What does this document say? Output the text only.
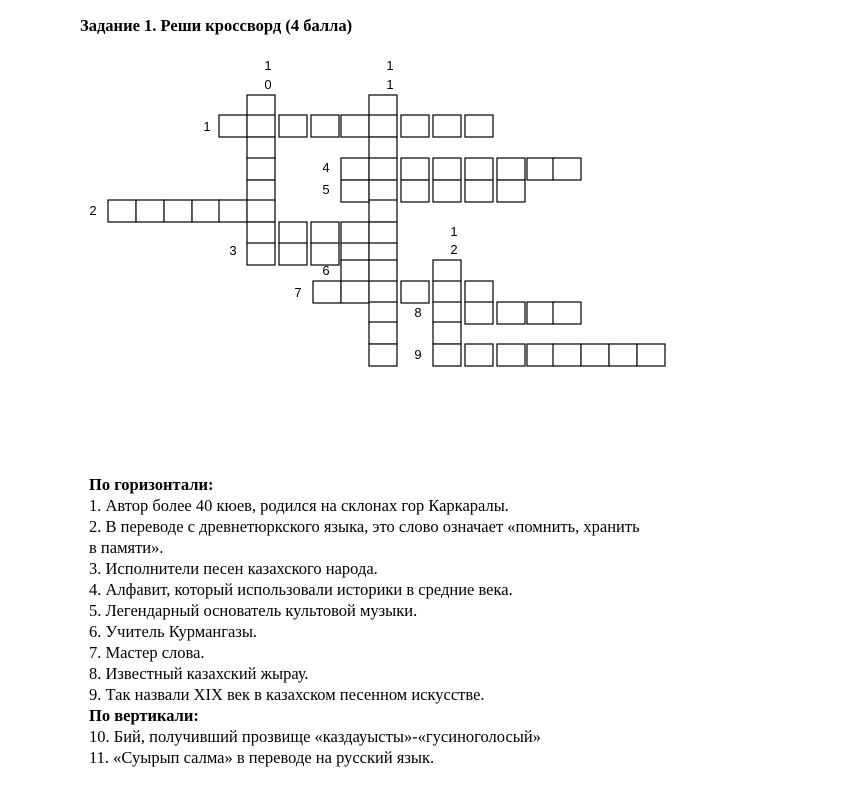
Задание 1. Реши кроссворд (4 балла)
1
0
1
1
1
4
5
2
1
2
3
6
7
8
9
По горизонтали:
1. Автор более 40 кюев, родился на склонах гор Каркаралы.
2. В переводе с древнетюркского языка, это слово означает «помнить, хранить
в памяти».
3. Исполнители песен казахского народа.
4. Алфавит, который использовали историки в средние века.
5. Легендарный основатель культовой музыки.
6. Учитель Курмангазы.
7. Мастер слова.
8. Известный казахский жырау.
9. Так назвали XIX век в казахском песенном искусстве.
По вертикали:
10. Бий, получивший прозвище «каздауысты»-«гусиноголосый»
11. «Суырып салма» в переводе на русский язык.
